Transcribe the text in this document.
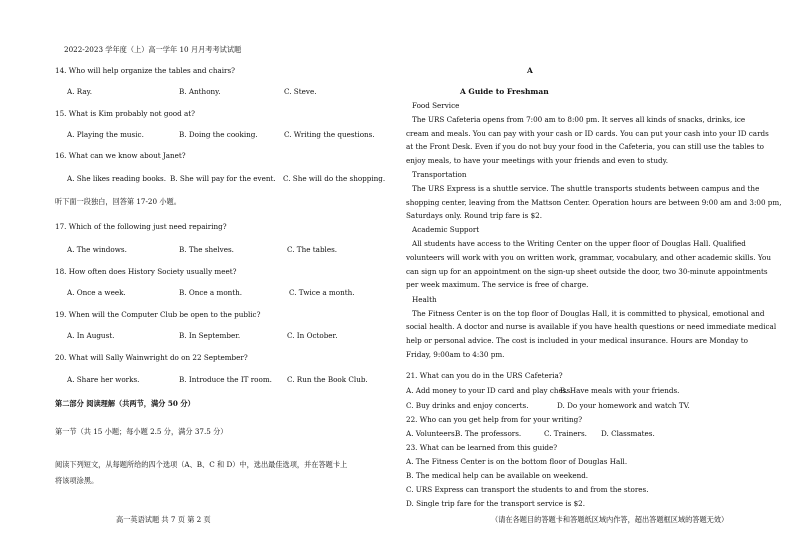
2022-2023 学年度（上）高一学年 10 月月考考试试题
14. Who will help organize the tables and chairs?
A. Ray.	B. Anthony.	C. Steve.
15. What is Kim probably not good at?
A. Playing the music.	B. Doing the cooking.	C. Writing the questions.
16. What can we know about Janet?
A. She likes reading books. B. She will pay for the event. C. She will do the shopping.
听下面一段独白，回答第 17-20 小题。
17. Which of the following just need repairing?
A. The windows.	B. The shelves.	C. The tables.
18. How often does History Society usually meet?
A. Once a week.	B. Once a month.	C. Twice a month.
19. When will the Computer Club be open to the public?
A. In August.	B. In September.	C. In October.
20. What will Sally Wainwright do on 22 September?
A. Share her works.	B. Introduce the IT room. C. Run the Book Club.
第二部分 阅读理解（共两节，满分 50 分）
第一节（共 15 小题；每小题 2.5 分，满分 37.5 分）
阅读下列短文，从每题所给的四个选项（A、B、C 和 D）中，选出最佳选项，并在答题卡上
将该项涂黑。
高一英语试题 共 7 页 第 2 页
A
A Guide to Freshman
Food Service
The URS Cafeteria opens from 7:00 am to 8:00 pm. It serves all kinds of snacks, drinks, ice
cream and meals. You can pay with your cash or ID cards. You can put your cash into your ID cards
at the Front Desk. Even if you do not buy your food in the Cafeteria, you can still use the tables to
enjoy meals, to have your meetings with your friends and even to study.
Transportation
The URS Express is a shuttle service. The shuttle transports students between campus and the
shopping center, leaving from the Mattson Center. Operation hours are between 9:00 am and 3:00 pm,
Saturdays only. Round trip fare is $2.
Academic Support
All students have access to the Writing Center on the upper floor of Douglas Hall. Qualified
volunteers will work with you on written work, grammar, vocabulary, and other academic skills. You
can sign up for an appointment on the sign-up sheet outside the door, two 30-minute appointments
per week maximum. The service is free of charge.
Health
The Fitness Center is on the top floor of Douglas Hall, it is committed to physical, emotional and
social health. A doctor and nurse is available if you have health questions or need immediate medical
help or personal advice. The cost is included in your medical insurance. Hours are Monday to
Friday, 9:00am to 4:30 pm.
21. What can you do in the URS Cafeteria?
A. Add money to your ID card and play chess.
B. Have meals with your friends.
C. Buy drinks and enjoy concerts.	D. Do your homework and watch TV.
22. Who can you get help from for your writing?
A. Volunteers.
B. The professors.	C. Trainers. D. Classmates.
23. What can be learned from this guide?
A. The Fitness Center is on the bottom floor of Douglas Hall.
B. The medical help can be available on weekend.
C. URS Express can transport the students to and from the stores.
D. Single trip fare for the transport service is $2.
（请在各题目的答题卡和答题纸区域内作答，超出答题框区域的答题无效）
